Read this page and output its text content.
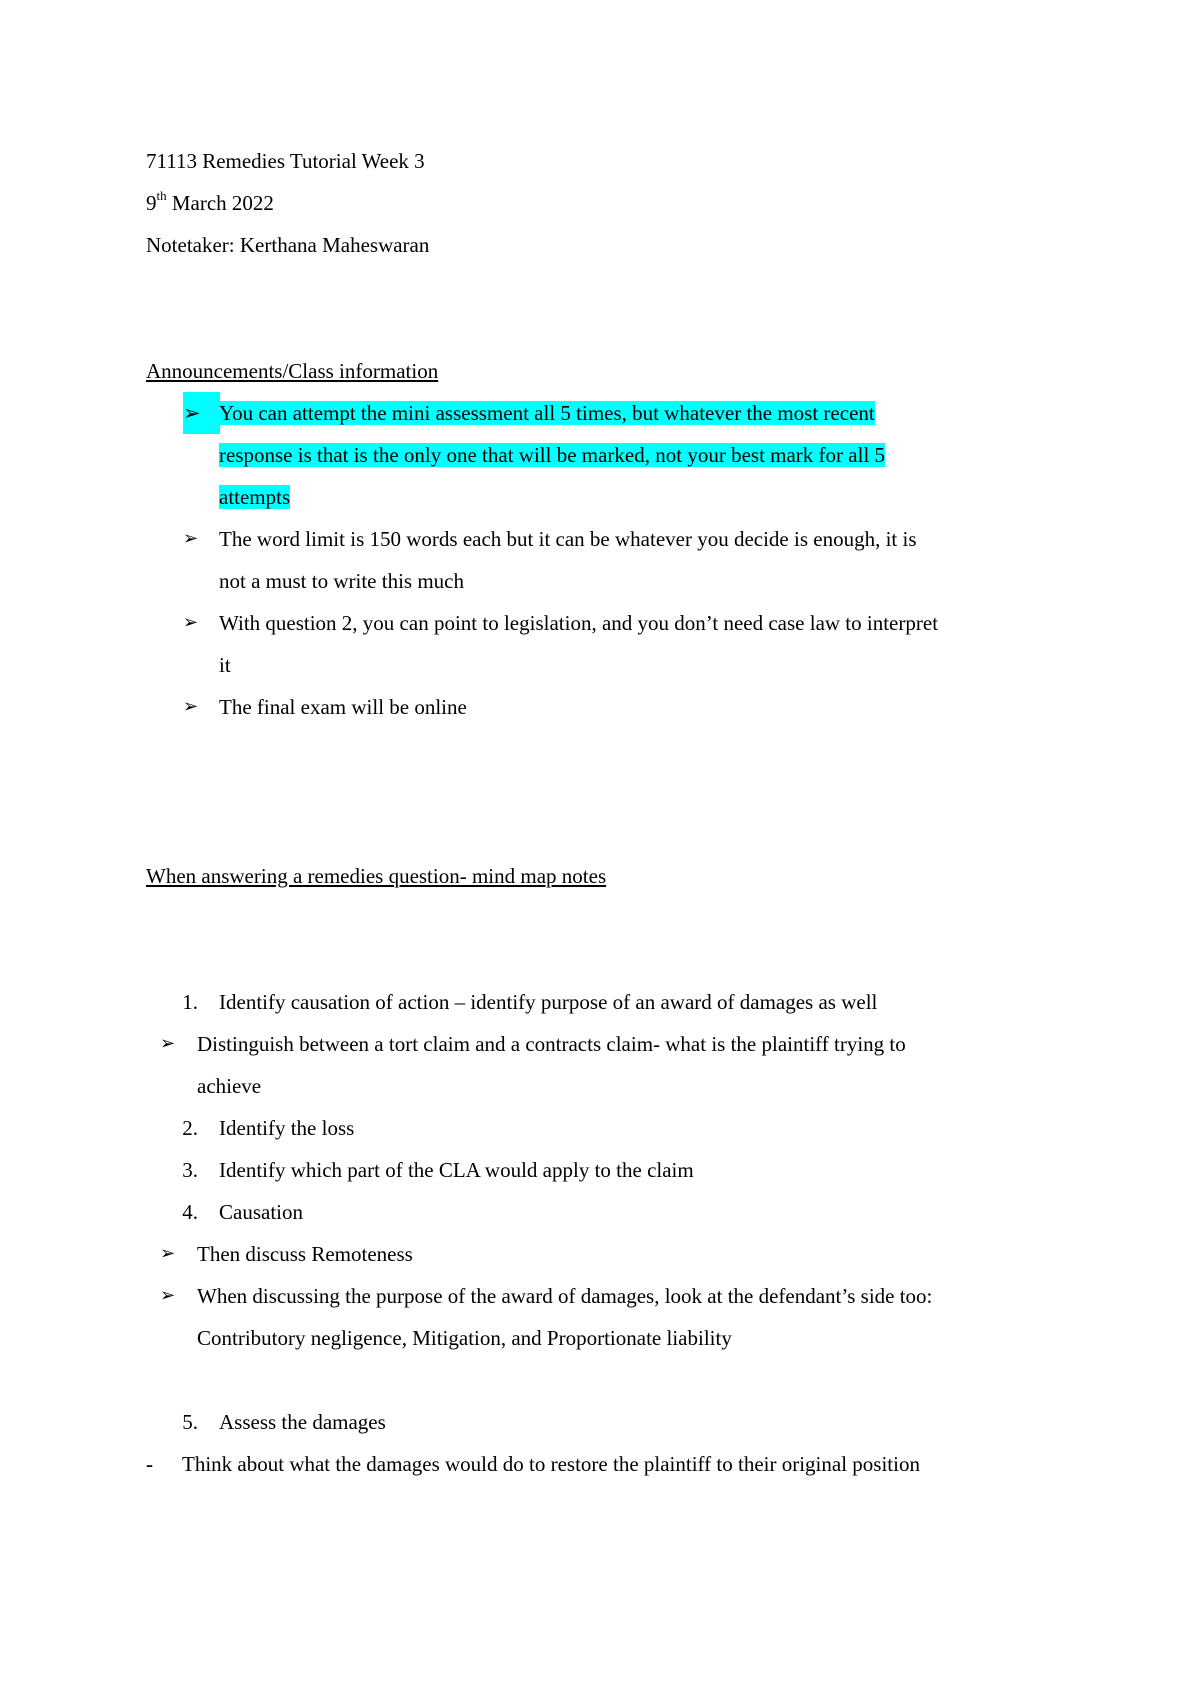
71113 Remedies Tutorial Week 3
9th March 2022
Notetaker: Kerthana Maheswaran
Announcements/Class information
➢ You can attempt the mini assessment all 5 times, but whatever the most recent
response is that is the only one that will be marked, not your best mark for all 5
attempts
➢ The word limit is 150 words each but it can be whatever you decide is enough, it is
not a must to write this much
➢ With question 2, you can point to legislation, and you don’t need case law to interpret
it
➢ The final exam will be online
When answering a remedies question- mind map notes
1. Identify causation of action – identify purpose of an award of damages as well
➢ Distinguish between a tort claim and a contracts claim- what is the plaintiff trying to
achieve
2. Identify the loss
3. Identify which part of the CLA would apply to the claim
4. Causation
➢ Then discuss Remoteness
➢ When discussing the purpose of the award of damages, look at the defendant’s side too:
Contributory negligence, Mitigation, and Proportionate liability
5. Assess the damages
- Think about what the damages would do to restore the plaintiff to their original position
